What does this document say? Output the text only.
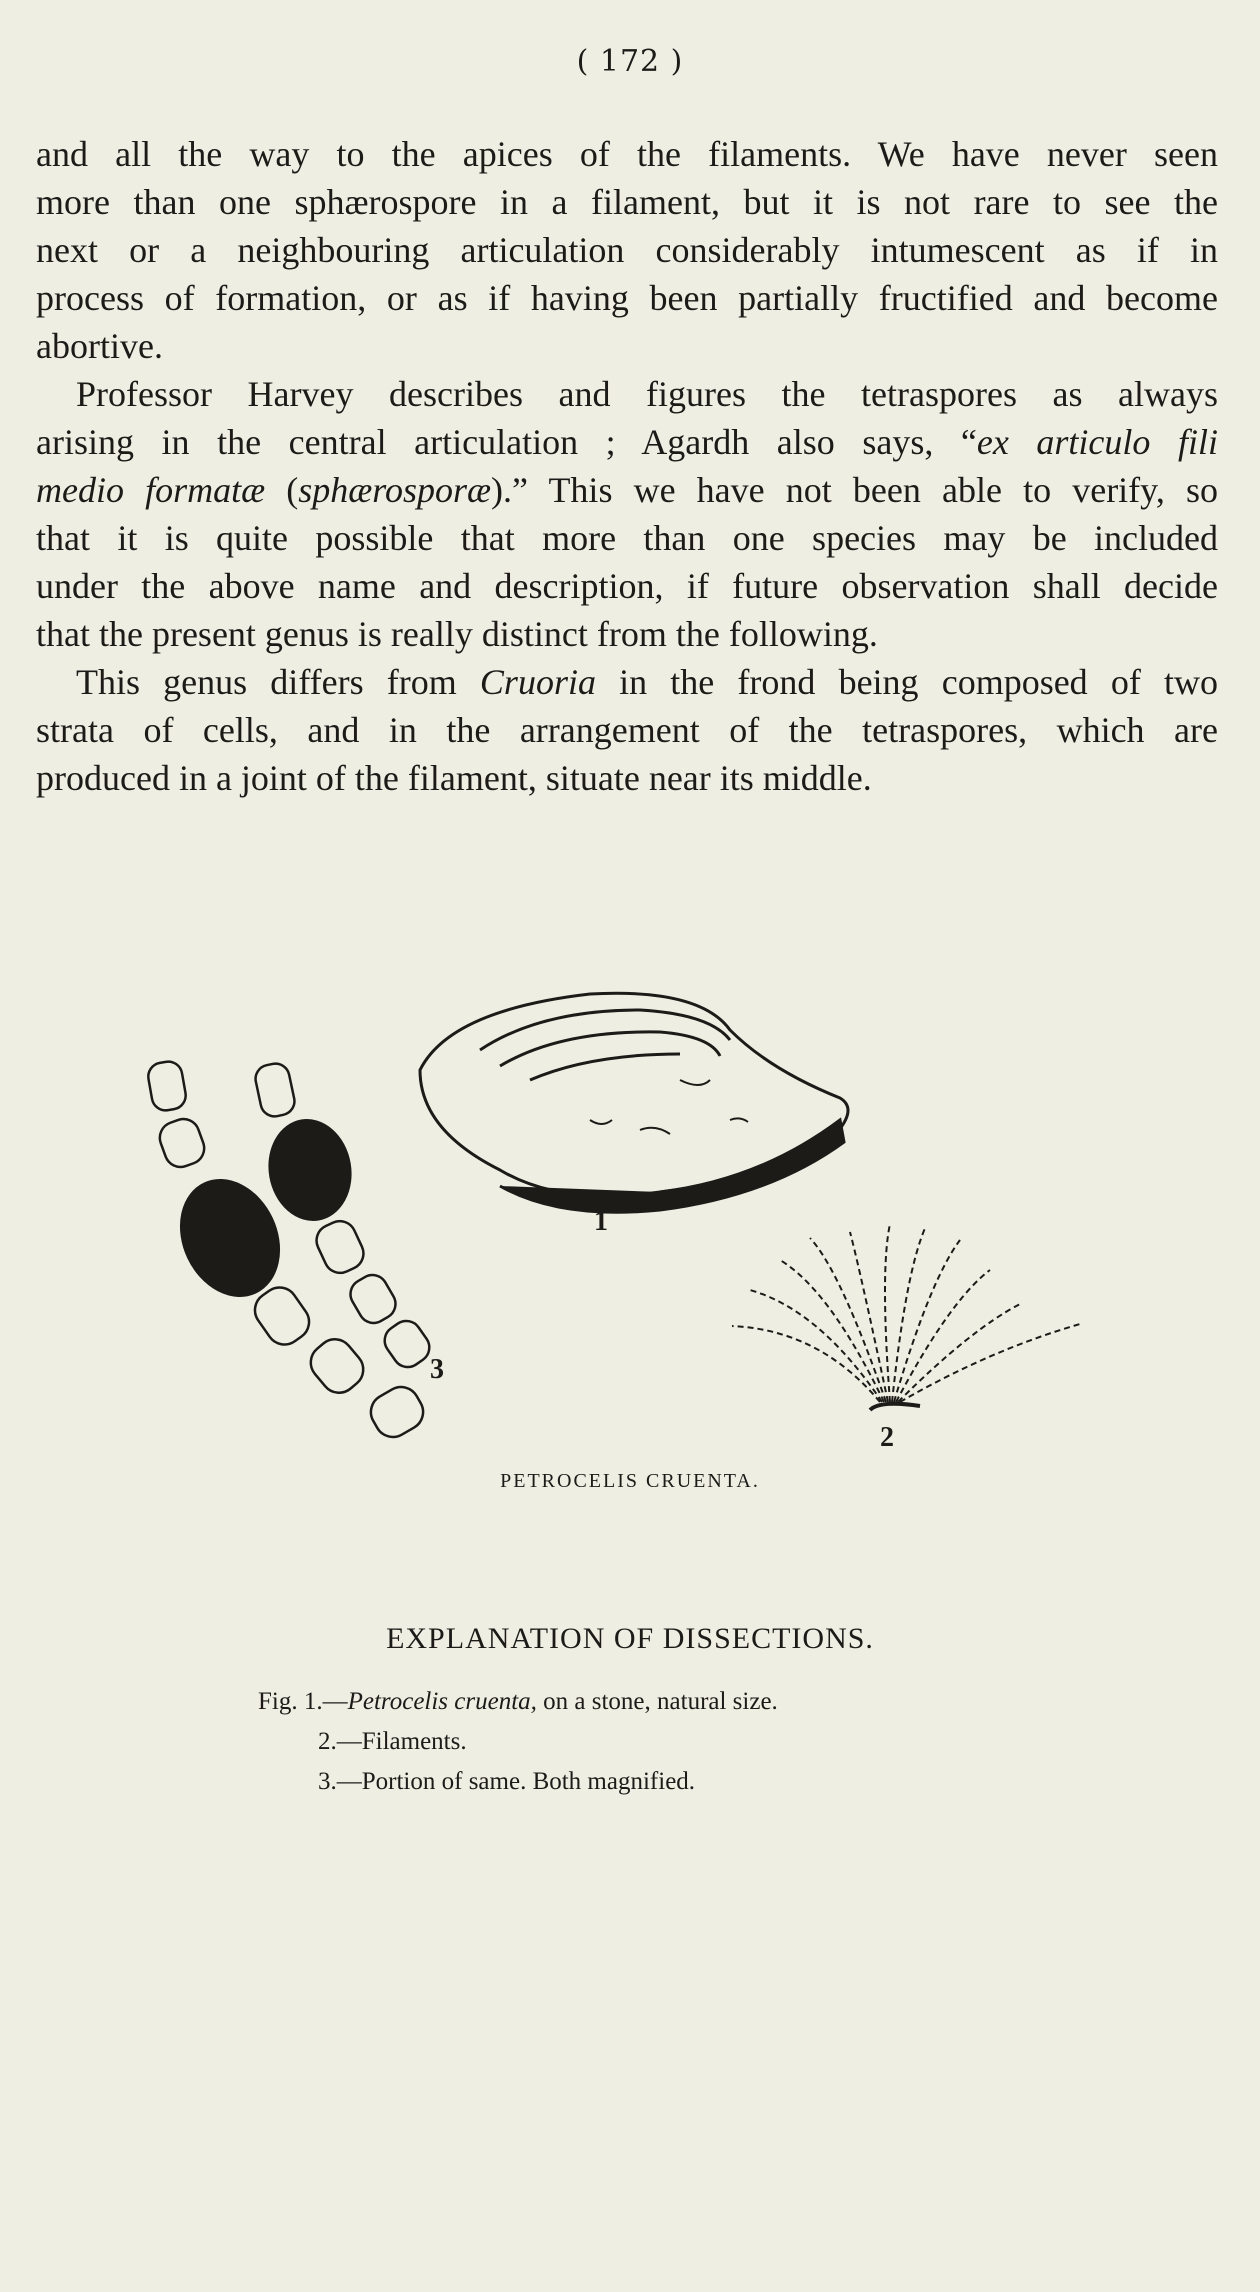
( 172 )

and all the way to the apices of the filaments. We have never seen
more than one sphærospore in a filament, but it is not rare to see the
next or a neighbouring articulation considerably intumescent as if in
process of formation, or as if having been partially fructified and become
abortive.

Professor Harvey describes and figures the tetraspores as always
arising in the central articulation ; Agardh also says, “ex articulo fili
medio formatæ (sphærosporæ).” This we have not been able to verify, so
that it is quite possible that more than one species may be included
under the above name and description, if future observation shall decide
that the present genus is really distinct from the following.

This genus differs from Cruoria in the frond being composed of two
strata of cells, and in the arrangement of the tetraspores, which are
produced in a joint of the filament, situate near its middle.

1
2
3
PETROCELIS CRUENTA.
EXPLANATION OF DISSECTIONS.
Fig. 1.—Petrocelis cruenta, on a stone, natural size.
2.—Filaments.
3.—Portion of same. Both magnified.
